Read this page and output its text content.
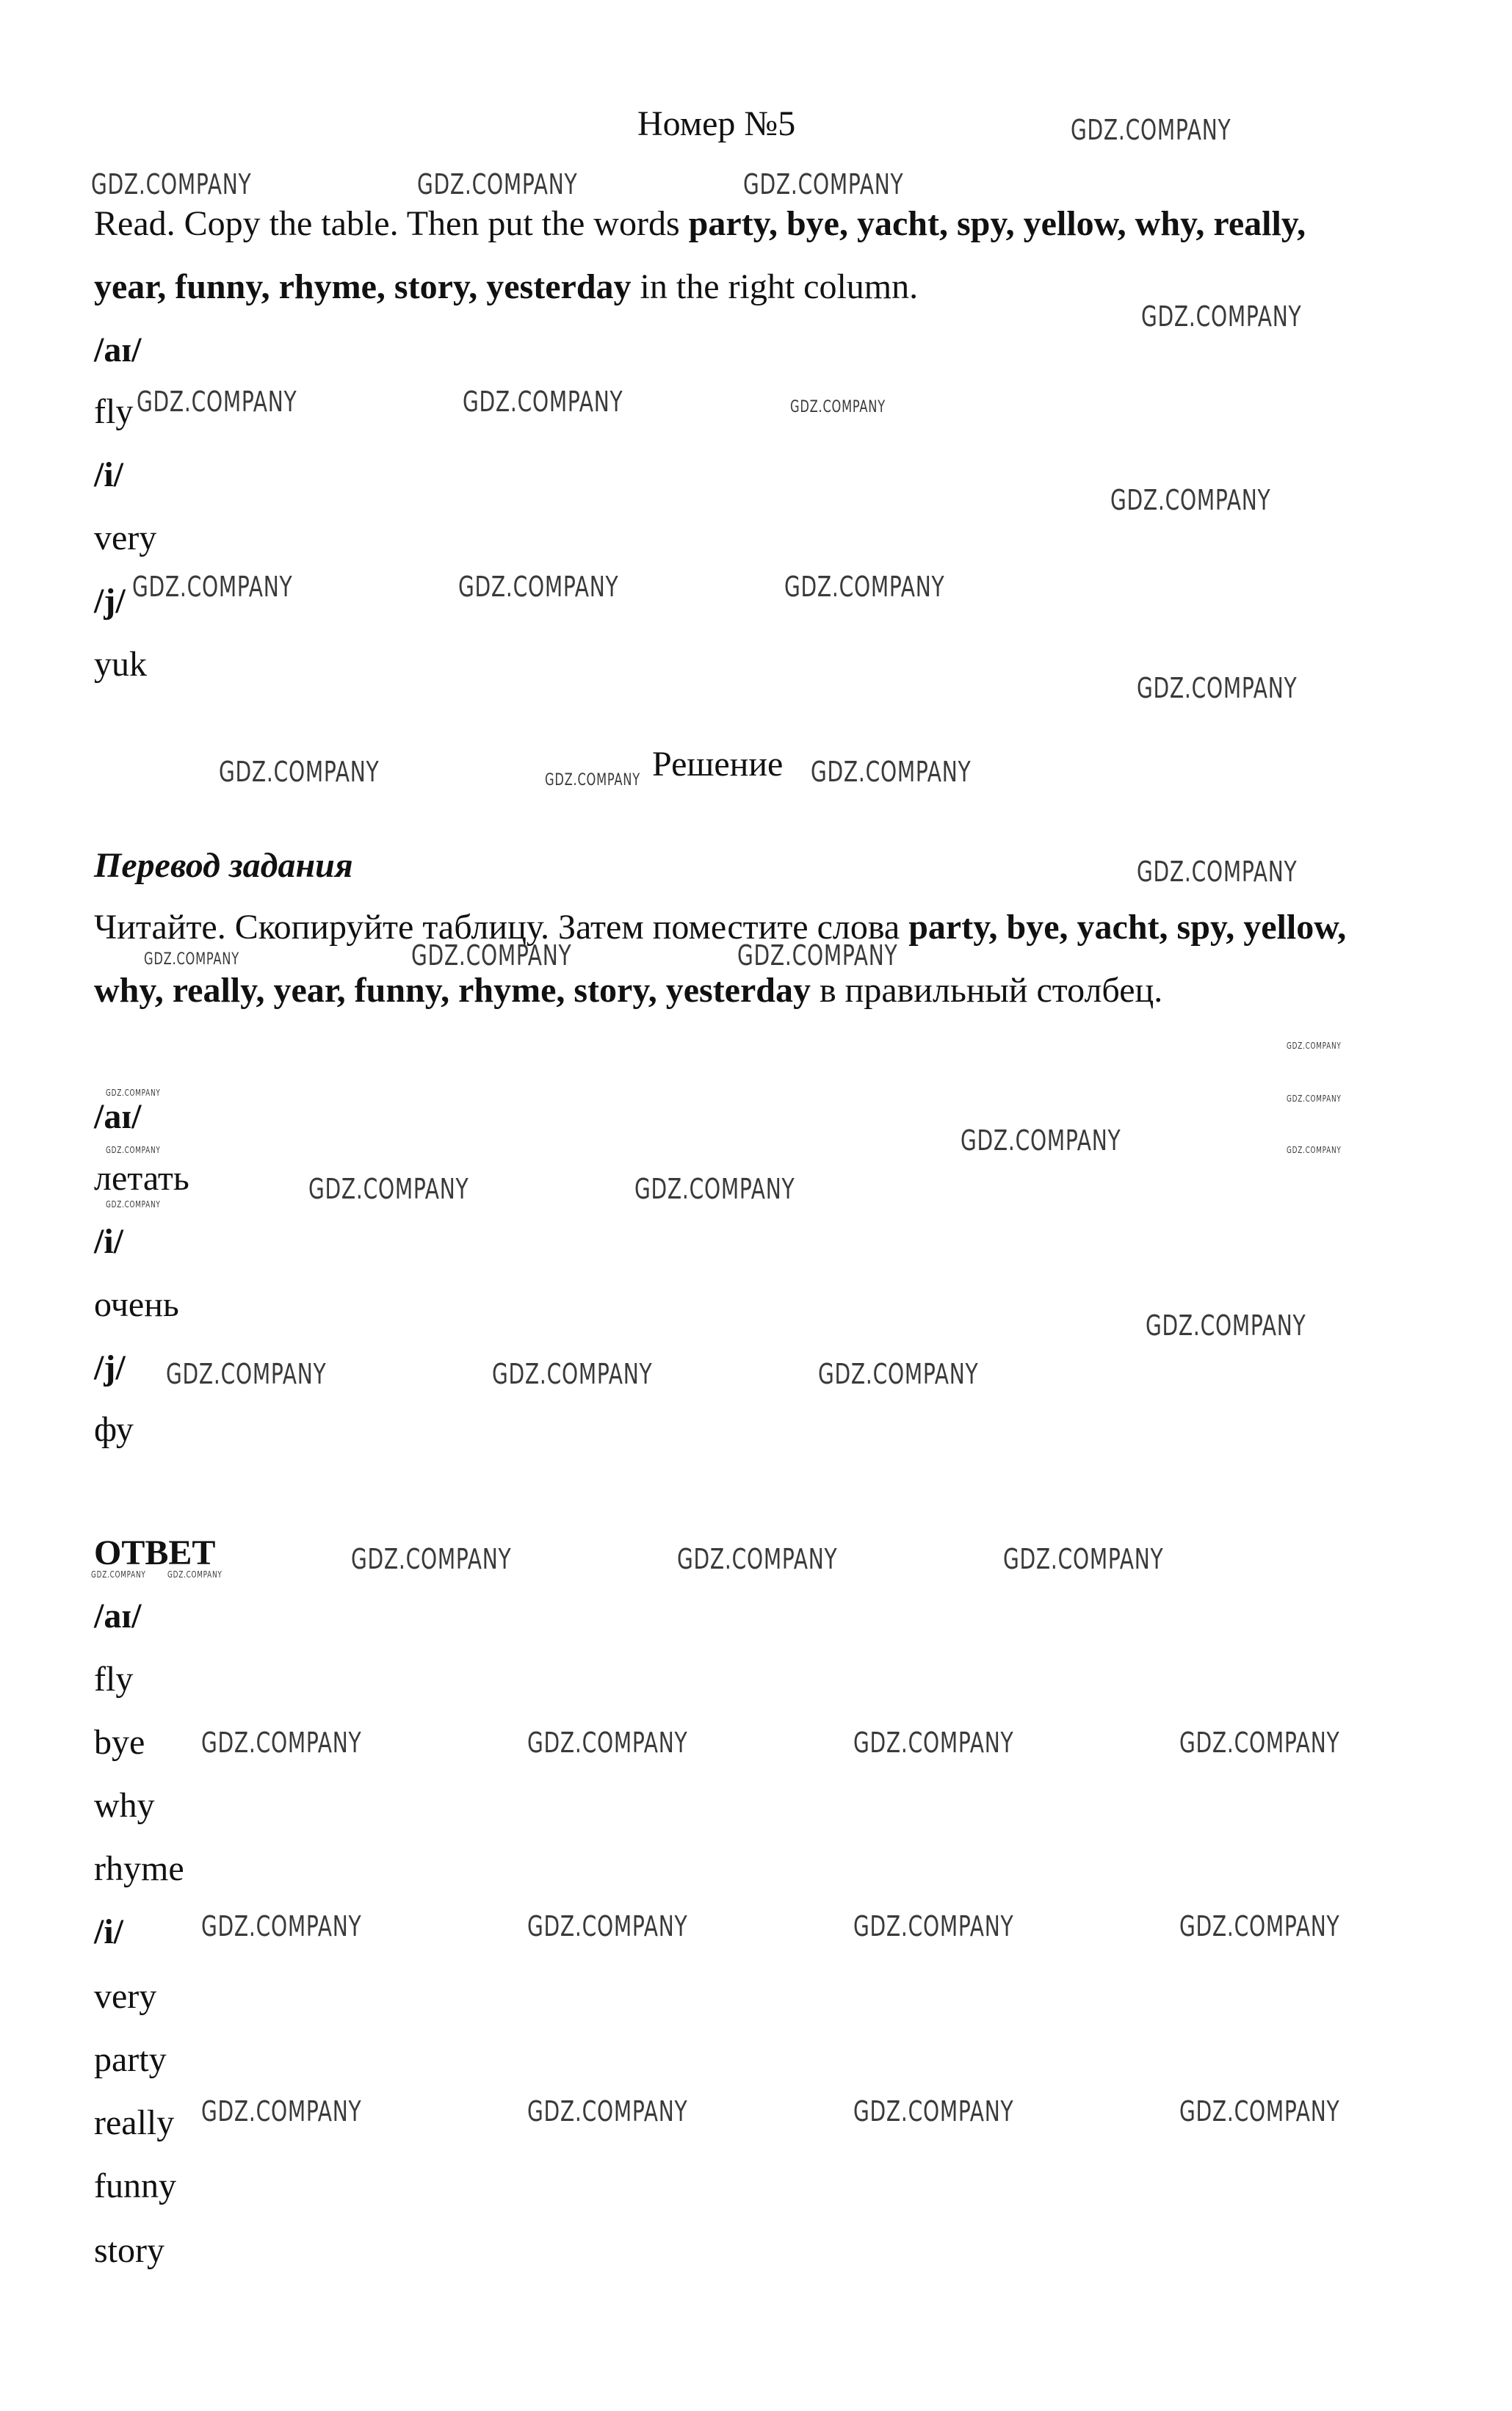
Номер №5
Read. Copy the table. Then put the words party, bye, yacht, spy, yellow, why, really, year, funny, rhyme, story, yesterday in the right column.
/aɪ/
fly
/i/
very
/j/
yuk
Решение
Перевод задания
Читайте. Скопируйте таблицу. Затем поместите слова party, bye, yacht, spy, yellow, why, really, year, funny, rhyme, story, yesterday в правильный столбец.
/aɪ/
летать
/i/
очень
/j/
фу
ОТВЕТ
/aɪ/
fly
bye
why
rhyme
/i/
very
party
really
funny
story
GDZ.COMPANY
GDZ.COMPANY	GDZ.COMPANY	GDZ.COMPANY
GDZ.COMPANY
GDZ.COMPANY	GDZ.COMPANY	GDZ.COMPANY
GDZ.COMPANY
GDZ.COMPANY	GDZ.COMPANY	GDZ.COMPANY
GDZ.COMPANY
GDZ.COMPANY	GDZ.COMPANY	GDZ.COMPANY
GDZ.COMPANY
GDZ.COMPANY	GDZ.COMPANY	GDZ.COMPANY
GDZ.COMPANY
GDZ.COMPANY
GDZ.COMPANY
GDZ.COMPANY
GDZ.COMPANY
GDZ.COMPANY
GDZ.COMPANY
GDZ.COMPANY	GDZ.COMPANY
GDZ.COMPANY
GDZ.COMPANY	GDZ.COMPANY	GDZ.COMPANY
GDZ.COMPANY	GDZ.COMPANY	GDZ.COMPANY
GDZ.COMPANY GDZ.COMPANY
GDZ.COMPANY	GDZ.COMPANY	GDZ.COMPANY	GDZ.COMPANY
GDZ.COMPANY	GDZ.COMPANY	GDZ.COMPANY	GDZ.COMPANY
GDZ.COMPANY	GDZ.COMPANY	GDZ.COMPANY	GDZ.COMPANY
